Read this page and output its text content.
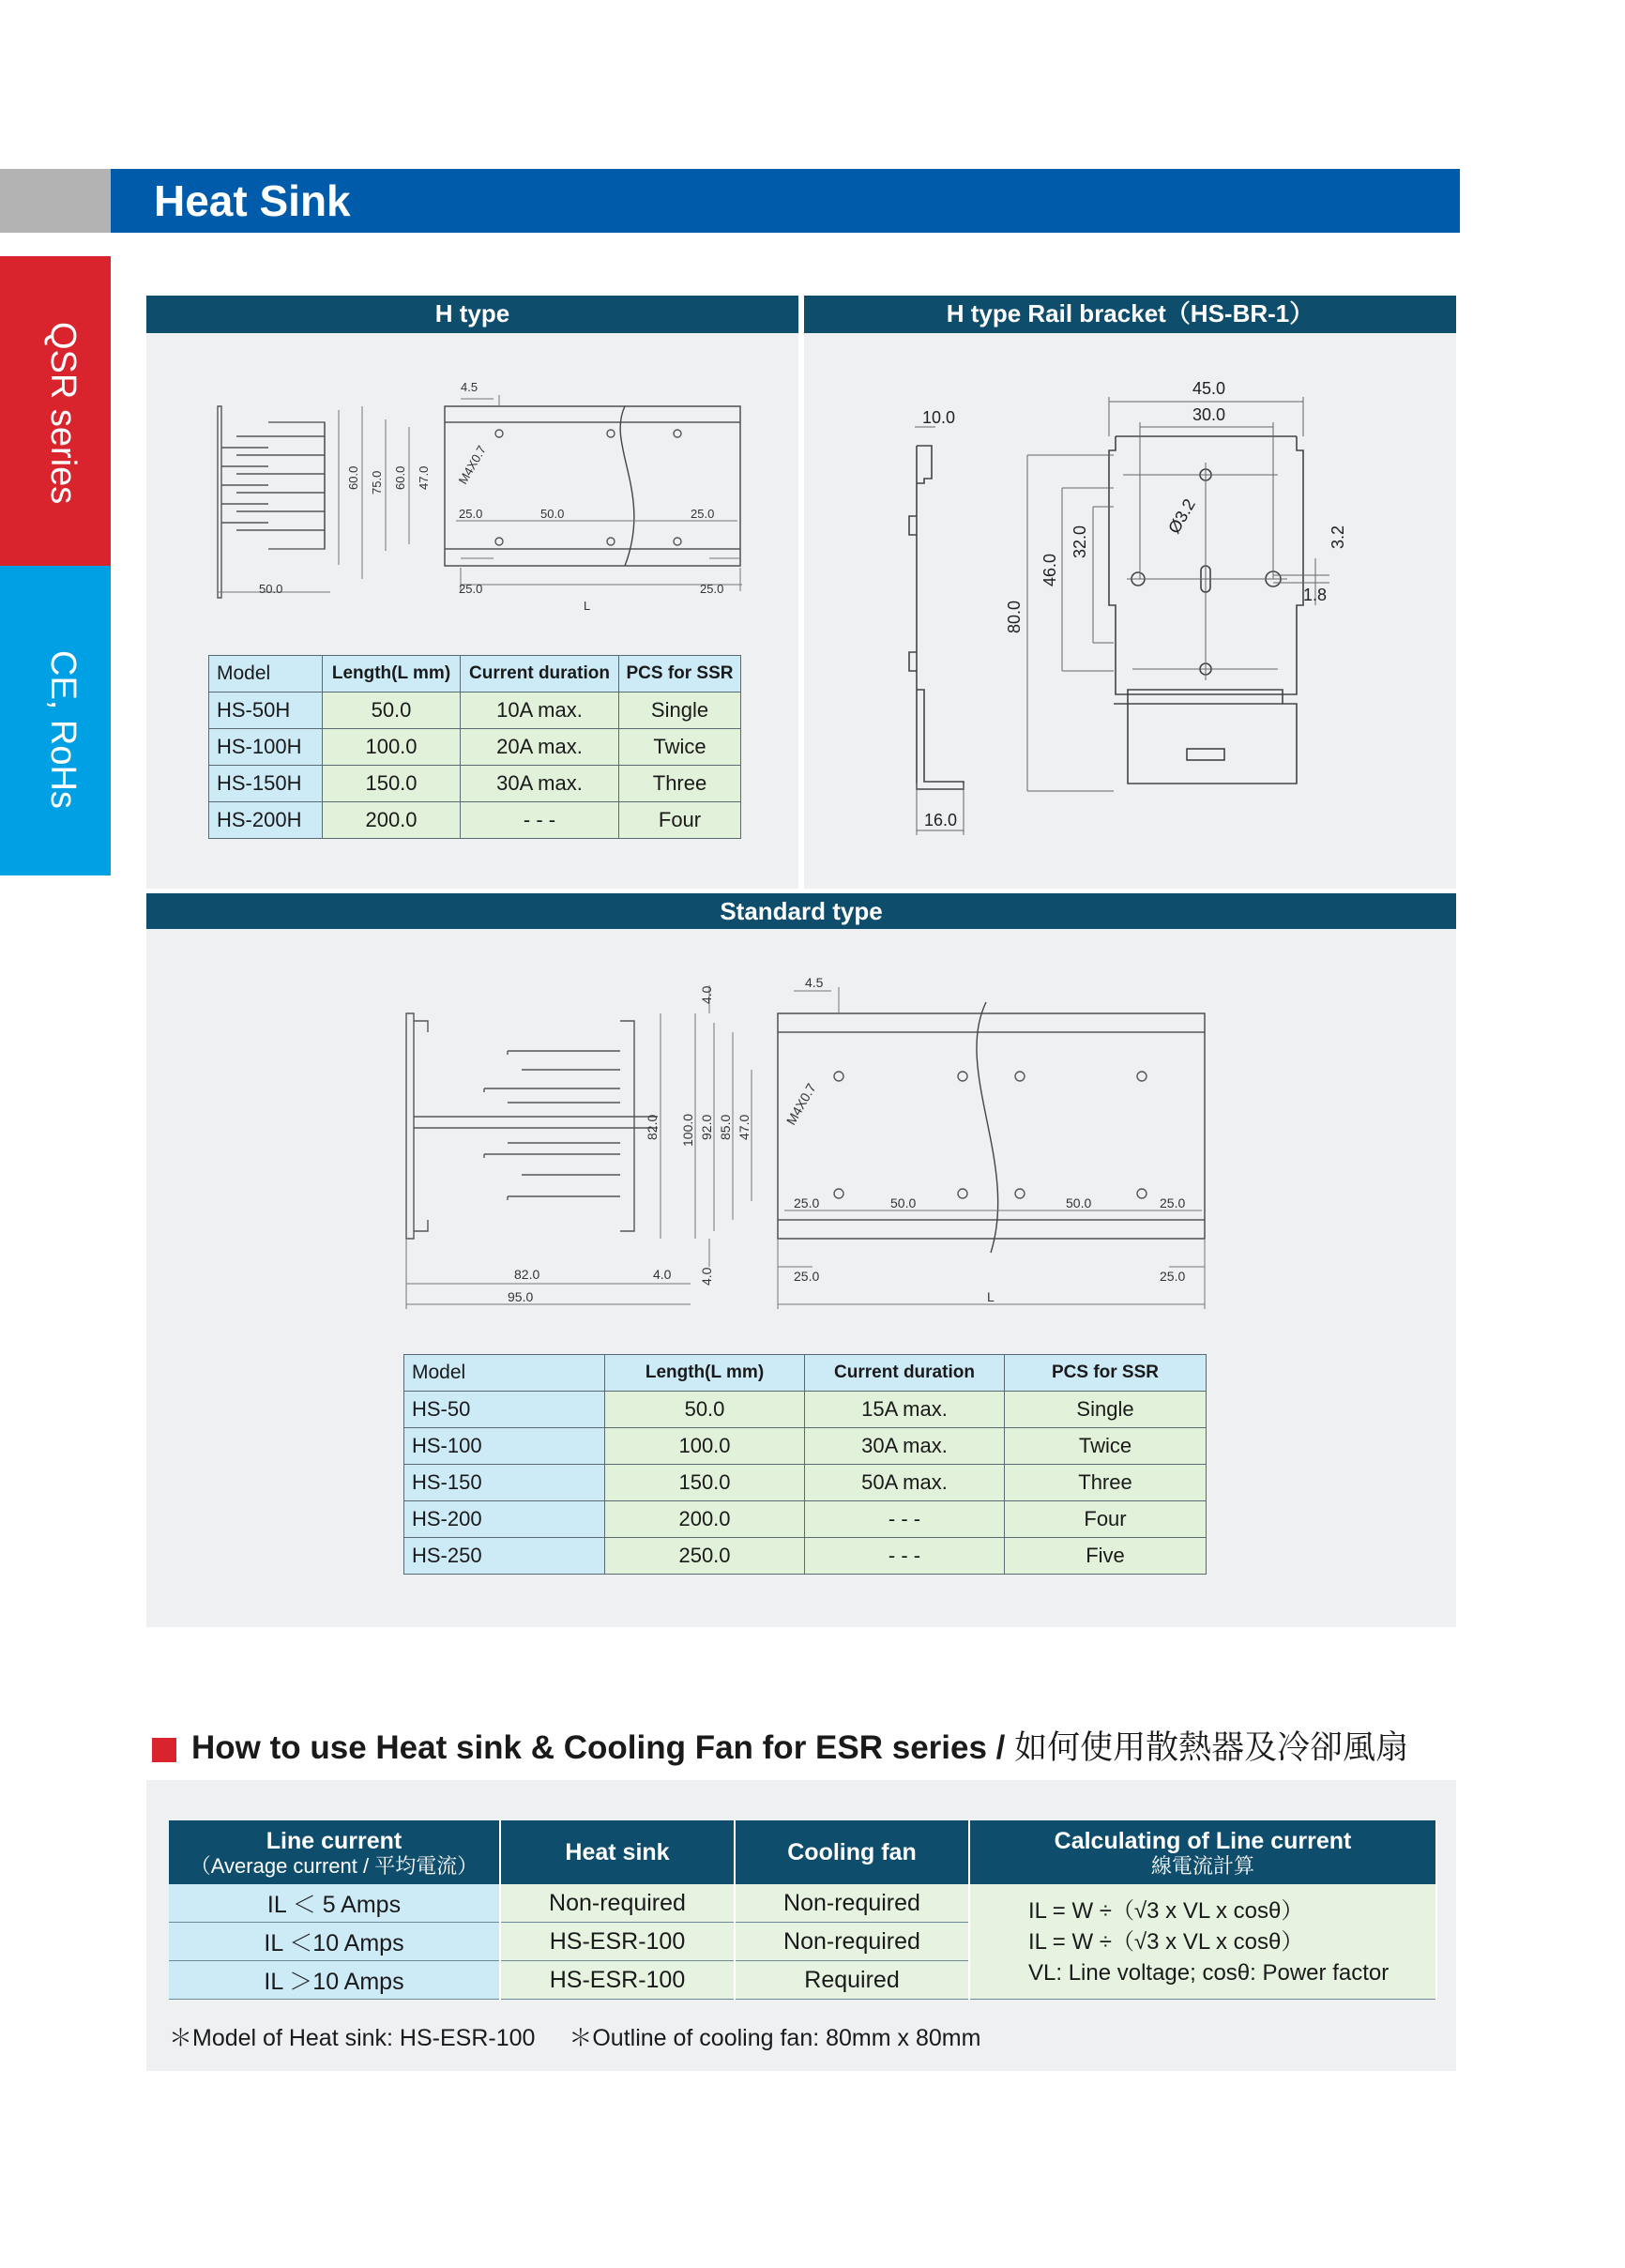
Heat Sink
QSR series
CE, RoHs
H type	H type Rail bracket（HS-BR-1）
Standard type
4.5
60.0 75.0 60.0 47.0 M4X0.7
25.0	50.0	25.0
25.0	25.0
L
50.0
Model	Length(L mm)	Current duration	PCS for SSR
HS-50H	50.0	10A max.	Single
HS-100H	100.0	20A max.	Twice
HS-150H	150.0	30A max.	Three
HS-200H	200.0	- - -	Four
10.0
45.0
30.0
Ø3.2
32.0
46.0
80.0
3.2
1.8
16.0
4.0
4.5
M4X0.7
82.0 100.0 92.0 85.0 47.0
25.0	50.0	50.0	25.0
25.0	25.0
82.0	4.0
95.0
4.0
L
Model	Length(L mm)	Current duration	PCS for SSR
HS-50	50.0	15A max.	Single
HS-100	100.0	30A max.	Twice
HS-150	150.0	50A max.	Three
HS-200	200.0	- - -	Four
HS-250	250.0	- - -	Five
How to use Heat sink & Cooling Fan for ESR series / 如何使用散熱器及冷卻風扇
Line current
（Average current / 平均電流）	Heat sink	Cooling fan	Calculating of Line current
線電流計算

IL ＜ 5 Amps	Non-required	Non-required	IL = W ÷（√3 x VL x cosθ）
IL = W ÷（√3 x VL x cosθ）
VL: Line voltage; cosθ: Power factor

IL ＜10 Amps	HS-ESR-100	Non-required	
IL ＞10 Amps	HS-ESR-100	Required	
＊Model of Heat sink: HS-ESR-100 ＊Outline of cooling fan: 80mm x 80mm
